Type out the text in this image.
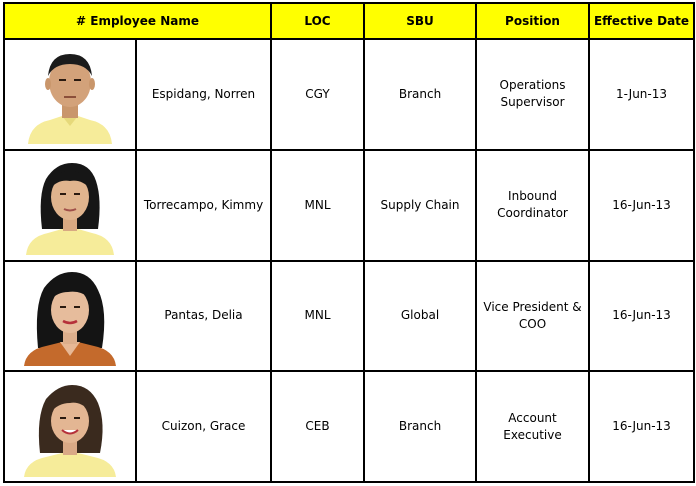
# Employee Name		LOC	SBU	Position	Effective Date

	Espidang, Norren	CGY	Branch	Operations Supervisor	1-Jun-13

	Torrecampo, Kimmy	MNL	Supply Chain	Inbound Coordinator	16-Jun-13

	Pantas, Delia	MNL	Global	Vice President & COO	16-Jun-13

	Cuizon, Grace	CEB	Branch	Account Executive	16-Jun-13
